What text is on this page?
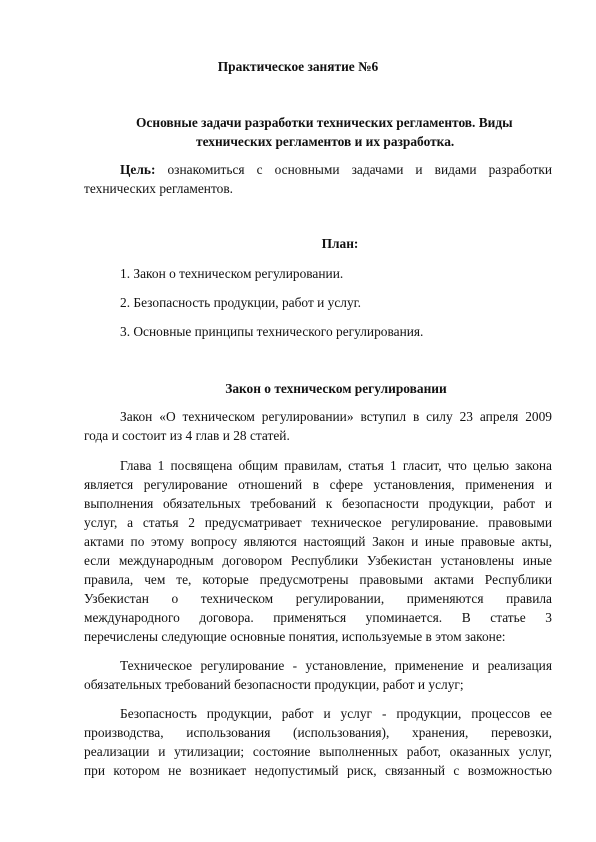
Практическое занятие №6
Основные задачи разработки технических регламентов. Виды
технических регламентов и их разработка.
Цель: ознакомиться с основными задачами и видами разработки
технических регламентов.
План:
1. Закон о техническом регулировании.
2. Безопасность продукции, работ и услуг.
3. Основные принципы технического регулирования.
Закон о техническом регулировании
Закон «О техническом регулировании» вступил в силу 23 апреля 2009
года и состоит из 4 глав и 28 статей.
Глава 1 посвящена общим правилам, статья 1 гласит, что целью закона
является регулирование отношений в сфере установления, применения и
выполнения обязательных требований к безопасности продукции, работ и
услуг, а статья 2 предусматривает техническое регулирование. правовыми
актами по этому вопросу являются настоящий Закон и иные правовые акты,
если международным договором Республики Узбекистан установлены иные
правила, чем те, которые предусмотрены правовыми актами Республики
Узбекистан о техническом регулировании, применяются правила
международного договора. применяться упоминается. В статье 3
перечислены следующие основные понятия, используемые в этом законе:
Техническое регулирование - установление, применение и реализация
обязательных требований безопасности продукции, работ и услуг;
Безопасность продукции, работ и услуг - продукции, процессов ее
производства, использования (использования), хранения, перевозки,
реализации и утилизации; состояние выполненных работ, оказанных услуг,
при котором не возникает недопустимый риск, связанный с возможностью
